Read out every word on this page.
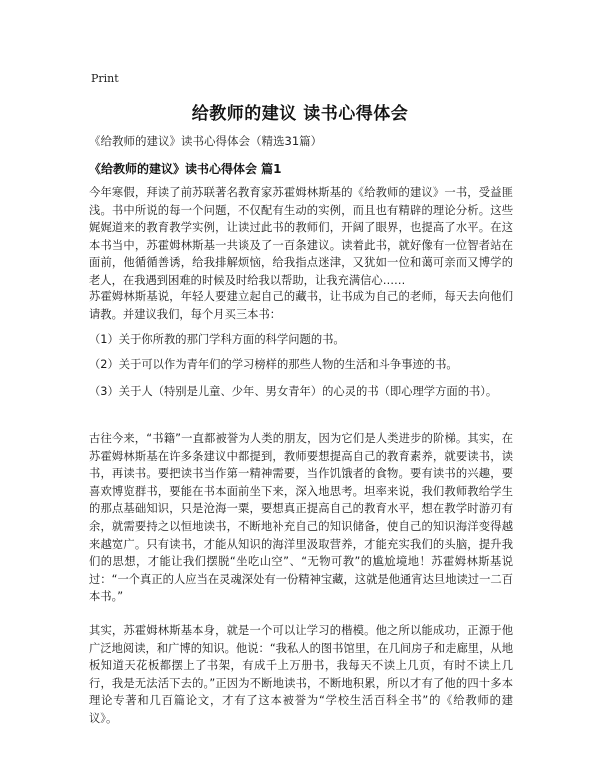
Print
给教师的建议 读书心得体会
《给教师的建议》读书心得体会（精选31篇）
《给教师的建议》读书心得体会 篇1

今年寒假，拜读了前苏联著名教育家苏霍姆林斯基的《给教师的建议》一书，受益匪浅。书中所说的每一个问题，不仅配有生动的实例，而且也有精辟的理论分析。这些娓娓道来的教育教学实例，让读过此书的教师们，开阔了眼界，也提高了水平。在这本书当中，苏霍姆林斯基一共谈及了一百条建议。读着此书，就好像有一位智者站在面前，他循循善诱，给我排解烦恼，给我指点迷津，又犹如一位和蔼可亲而又博学的老人，在我遇到困难的时候及时给我以帮助，让我充满信心……

苏霍姆林斯基说，年轻人要建立起自己的藏书，让书成为自己的老师，每天去向他们请教。并建议我们，每个月买三本书：

（1）关于你所教的那门学科方面的科学问题的书。

（2）关于可以作为青年们的学习榜样的那些人物的生活和斗争事迹的书。

（3）关于人（特别是儿童、少年、男女青年）的心灵的书（即心理学方面的书）。

古往今来，“书籍”一直都被誉为人类的朋友，因为它们是人类进步的阶梯。其实，在苏霍姆林斯基在许多条建议中都提到，教师要想提高自己的教育素养，就要读书，读书，再读书。要把读书当作第一精神需要，当作饥饿者的食物。要有读书的兴趣，要喜欢博览群书，要能在书本面前坐下来，深入地思考。坦率来说，我们教师教给学生的那点基础知识，只是沧海一粟，要想真正提高自己的教育水平，想在教学时游刃有余，就需要持之以恒地读书，不断地补充自己的知识储备，使自己的知识海洋变得越来越宽广。只有读书，才能从知识的海洋里汲取营养，才能充实我们的头脑，提升我们的思想，才能让我们摆脱“坐吃山空”、“无物可教”的尴尬境地！苏霍姆林斯基说过：“一个真正的人应当在灵魂深处有一份精神宝藏，这就是他通宵达旦地读过一二百本书。”

其实，苏霍姆林斯基本身，就是一个可以让学习的楷模。他之所以能成功，正源于他广泛地阅读，和广博的知识。他说：“我私人的图书馆里，在几间房子和走廊里，从地板知道天花板都摆上了书架，有成千上万册书，我每天不读上几页，有时不读上几行，我是无法活下去的。”正因为不断地读书，不断地积累，所以才有了他的四十多本理论专著和几百篇论文，才有了这本被誉为“学校生活百科全书”的《给教师的建议》。
